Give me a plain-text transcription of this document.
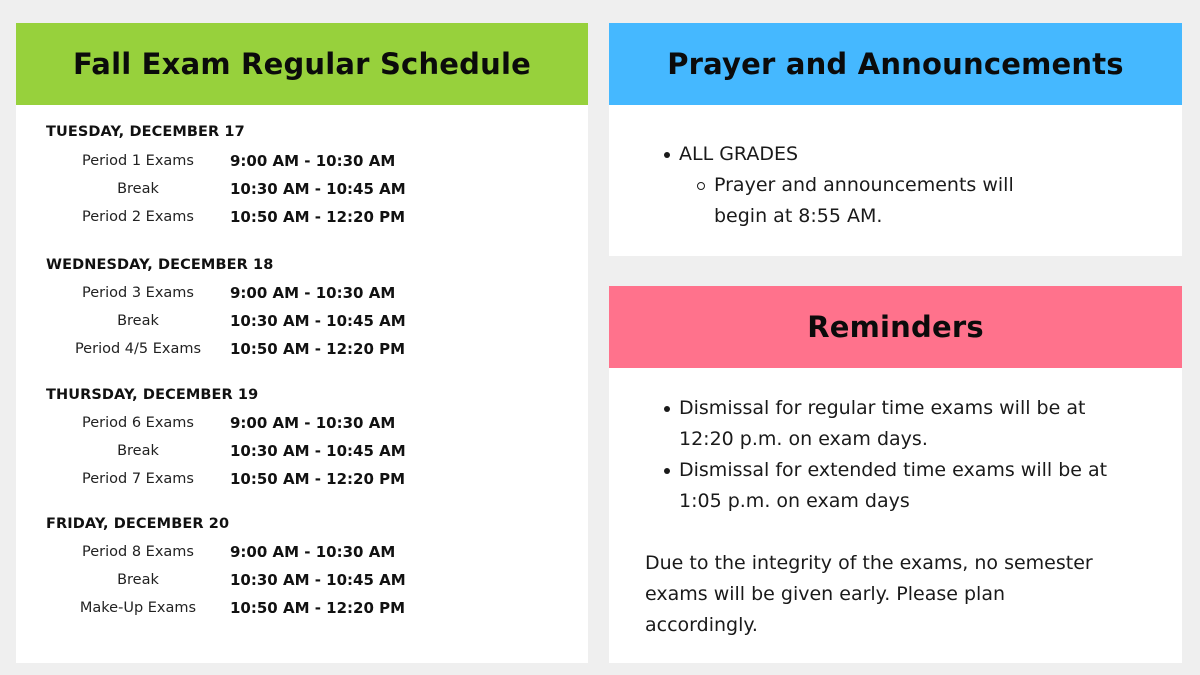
Fall Exam Regular Schedule
TUESDAY, DECEMBER 17
Period 1 Exams	9:00 AM - 10:30 AM
Break	10:30 AM - 10:45 AM
Period 2 Exams	10:50 AM - 12:20 PM
WEDNESDAY, DECEMBER 18
Period 3 Exams	9:00 AM - 10:30 AM
Break	10:30 AM - 10:45 AM
Period 4/5 Exams	10:50 AM - 12:20 PM
THURSDAY, DECEMBER 19
Period 6 Exams	9:00 AM - 10:30 AM
Break	10:30 AM - 10:45 AM
Period 7 Exams	10:50 AM - 12:20 PM
FRIDAY, DECEMBER 20
Period 8 Exams	9:00 AM - 10:30 AM
Break	10:30 AM - 10:45 AM
Make-Up Exams	10:50 AM - 12:20 PM
Prayer and Announcements
ALL GRADES
Prayer and announcements will
begin at 8:55 AM.
Reminders
Dismissal for regular time exams will be at
12:20 p.m. on exam days.
Dismissal for extended time exams will be at
1:05 p.m. on exam days
Due to the integrity of the exams, no semester
exams will be given early. Please plan
accordingly.
